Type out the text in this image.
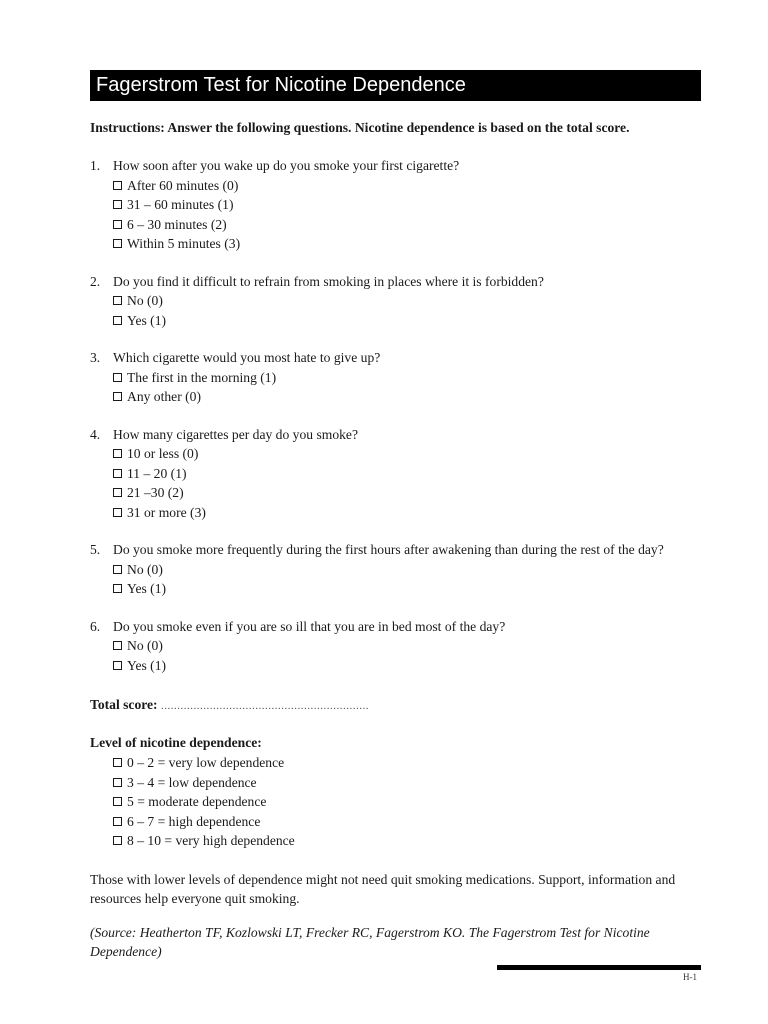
Fagerstrom Test for Nicotine Dependence
Instructions: Answer the following questions. Nicotine dependence is based on the total score.
1. How soon after you wake up do you smoke your first cigarette?
After 60 minutes (0)
31 – 60 minutes (1)
6 – 30 minutes (2)
Within 5 minutes (3)
2. Do you find it difficult to refrain from smoking in places where it is forbidden?
No (0)
Yes (1)
3. Which cigarette would you most hate to give up?
The first in the morning (1)
Any other (0)
4. How many cigarettes per day do you smoke?
10 or less (0)
11 – 20 (1)
21 –30 (2)
31 or more (3)
5. Do you smoke more frequently during the first hours after awakening than during the rest of the day?
No (0)
Yes (1)
6. Do you smoke even if you are so ill that you are in bed most of the day?
No (0)
Yes (1)
Total score: ................................................................
Level of nicotine dependence:
0 – 2 = very low dependence
3 – 4 = low dependence
5 = moderate dependence
6 – 7 = high dependence
8 – 10 = very high dependence
Those with lower levels of dependence might not need quit smoking medications. Support, information and resources help everyone quit smoking.
(Source: Heatherton TF, Kozlowski LT, Frecker RC, Fagerstrom KO. The Fagerstrom Test for Nicotine Dependence)
H-1
